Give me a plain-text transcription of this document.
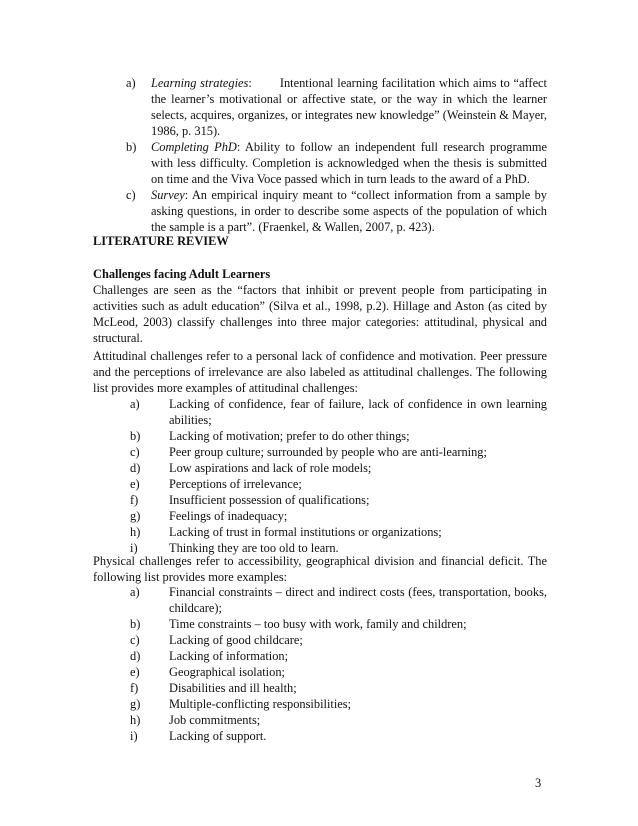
a) Learning strategies: Intentional learning facilitation which aims to “affect the learner’s motivational or affective state, or the way in which the learner selects, acquires, organizes, or integrates new knowledge” (Weinstein & Mayer, 1986, p. 315).

b) Completing PhD: Ability to follow an independent full research programme with less difficulty. Completion is acknowledged when the thesis is submitted on time and the Viva Voce passed which in turn leads to the award of a PhD.

c) Survey: An empirical inquiry meant to “collect information from a sample by asking questions, in order to describe some aspects of the population of which the sample is a part”. (Fraenkel, & Wallen, 2007, p. 423).

LITERATURE REVIEW
Challenges facing Adult Learners

Challenges are seen as the “factors that inhibit or prevent people from participating in activities such as adult education” (Silva et al., 1998, p.2). Hillage and Aston (as cited by McLeod, 2003) classify challenges into three major categories: attitudinal, physical and structural.

Attitudinal challenges refer to a personal lack of confidence and motivation. Peer pressure and the perceptions of irrelevance are also labeled as attitudinal challenges. The following list provides more examples of attitudinal challenges:

a) Lacking of confidence, fear of failure, lack of confidence in own learning abilities;
b) Lacking of motivation; prefer to do other things;
c) Peer group culture; surrounded by people who are anti-learning;
d) Low aspirations and lack of role models;
e) Perceptions of irrelevance;
f) Insufficient possession of qualifications;
g) Feelings of inadequacy;
h) Lacking of trust in formal institutions or organizations;
i)	Thinking they are too old to learn.

Physical challenges refer to accessibility, geographical division and financial deficit. The following list provides more examples:

a) Financial constraints – direct and indirect costs (fees, transportation, books, childcare);
b) Time constraints – too busy with work, family and children;
c) Lacking of good childcare;
d) Lacking of information;
e) Geographical isolation;
f) Disabilities and ill health;
g) Multiple-conflicting responsibilities;
h) Job commitments;
i)	Lacking of support.
3
